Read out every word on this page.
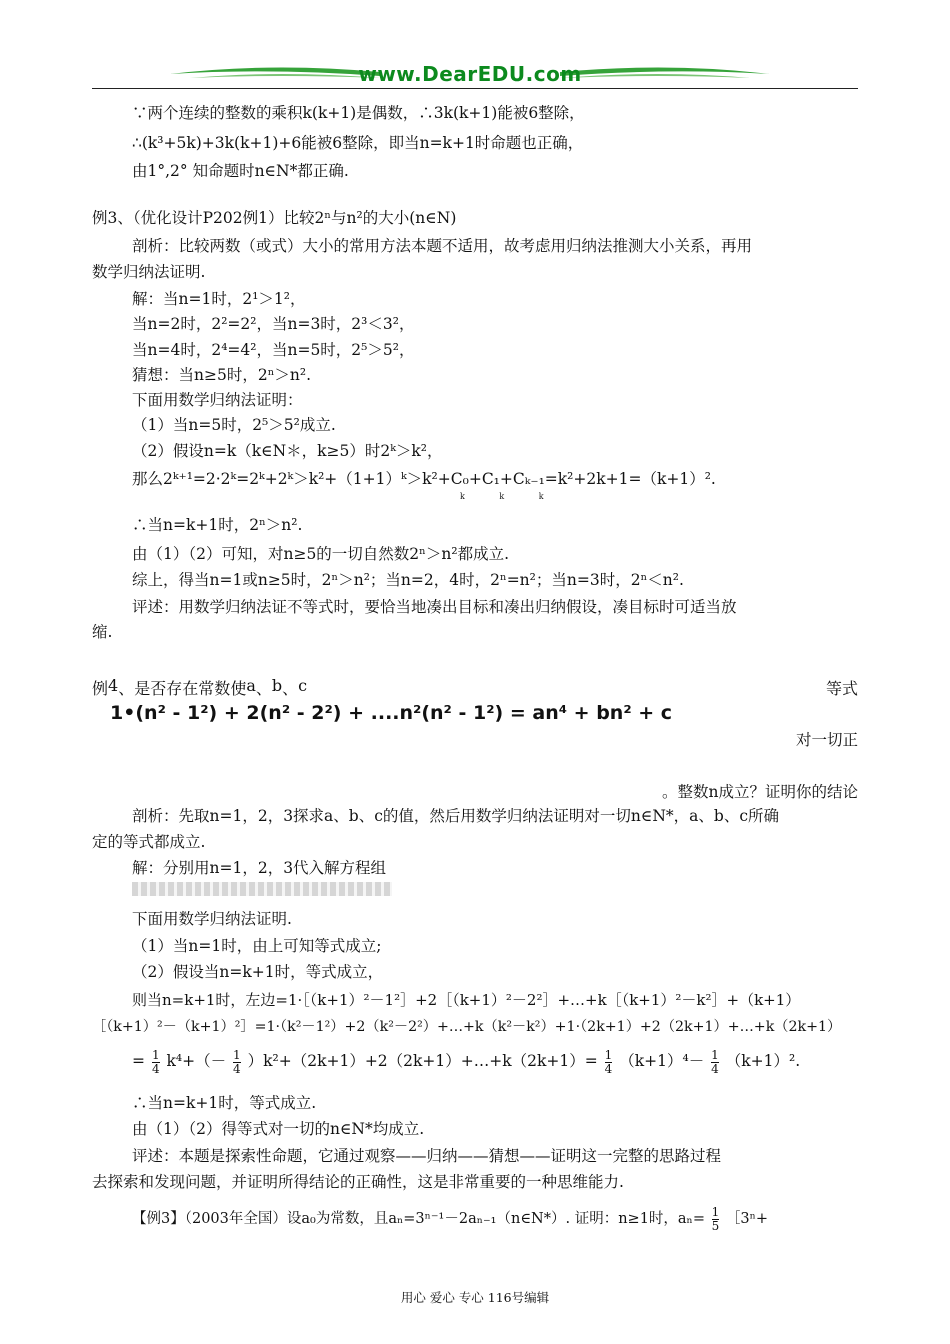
www.DearEDU.com
∵两个连续的整数的乘积k(k+1)是偶数，∴3k(k+1)能被6整除，
∴(k³+5k)+3k(k+1)+6能被6整除，即当n=k+1时命题也正确，
由1°,2° 知命题时n∈N*都正确.
例3、（优化设计P202例1）比较2ⁿ与n²的大小(n∈N)
剖析：比较两数（或式）大小的常用方法本题不适用，故考虑用归纳法推测大小关系，再用
数学归纳法证明.
解：当n=1时，2¹＞1²，
当n=2时，2²=2²，当n=3时，2³＜3²，
当n=4时，2⁴=4²，当n=5时，2⁵＞5²，
猜想：当n≥5时，2ⁿ＞n².
下面用数学归纳法证明：
（1）当n=5时，2⁵＞5²成立.
（2）假设n=k（k∈N＊，k≥5）时2ᵏ＞k²，
那么2ᵏ⁺¹=2·2ᵏ=2ᵏ+2ᵏ＞k²+（1+1）ᵏ＞k²+C₀+C₁+Cₖ₋₁=k²+2k+1=（k+1）².
k k k
∴当n=k+1时，2ⁿ＞n².
由（1）（2）可知，对n≥5的一切自然数2ⁿ＞n²都成立.
综上，得当n=1或n≥5时，2ⁿ＞n²；当n=2，4时，2ⁿ=n²；当n=3时，2ⁿ＜n².
评述：用数学归纳法证不等式时，要恰当地凑出目标和凑出归纳假设，凑目标时可适当放
缩.
例 4 、 是 否 存 在 常 数 使 a 、 b 、 c	等 式
1•(n² - 1²) + 2(n² - 2²) + ....n²(n² - 1²) = an⁴ + bn² + c
对一切正
。整数n成立？证明你的结论
剖析：先取n=1，2，3探求a、b、c的值，然后用数学归纳法证明对一切n∈N*，a、b、c所确
定的等式都成立.
解：分别用n=1，2，3代入解方程组
下面用数学归纳法证明.
（1）当n=1时，由上可知等式成立;
（2）假设当n=k+1时，等式成立，
则当n=k+1时，左边=1·［（k+1）²－1²］+2［（k+1）²－2²］+…+k［（k+1）²－k²］+（k+1）
［（k+1）²－（k+1）²］=1·（k²－1²）+2（k²－2²）+…+k（k²－k²）+1·（2k+1）+2（2k+1）+…+k（2k+1）
= $\frac{1}{4} k^4+(- \frac{1}{4}$ ）k²+（2k+1）+2（2k+1）+…+k（2k+1）= $\frac{1}{4} (k+1)^4- \frac{1}{4} (k+1)^2$.
∴当n=k+1时，等式成立.
由（1）（2）得等式对一切的n∈N*均成立.
评述：本题是探索性命题，它通过观察——归纳——猜想——证明这一完整的思路过程
去探索和发现问题，并证明所得结论的正确性，这是非常重要的一种思维能力.
【例3】（2003年全国）设a₀为常数，且aₙ=3ⁿ⁻¹－2aₙ₋₁（n∈N*）. 证明：n≥1时，$a_n= \frac{1}{5}$ ［3ⁿ+
用心 爱心 专心 116号编辑
